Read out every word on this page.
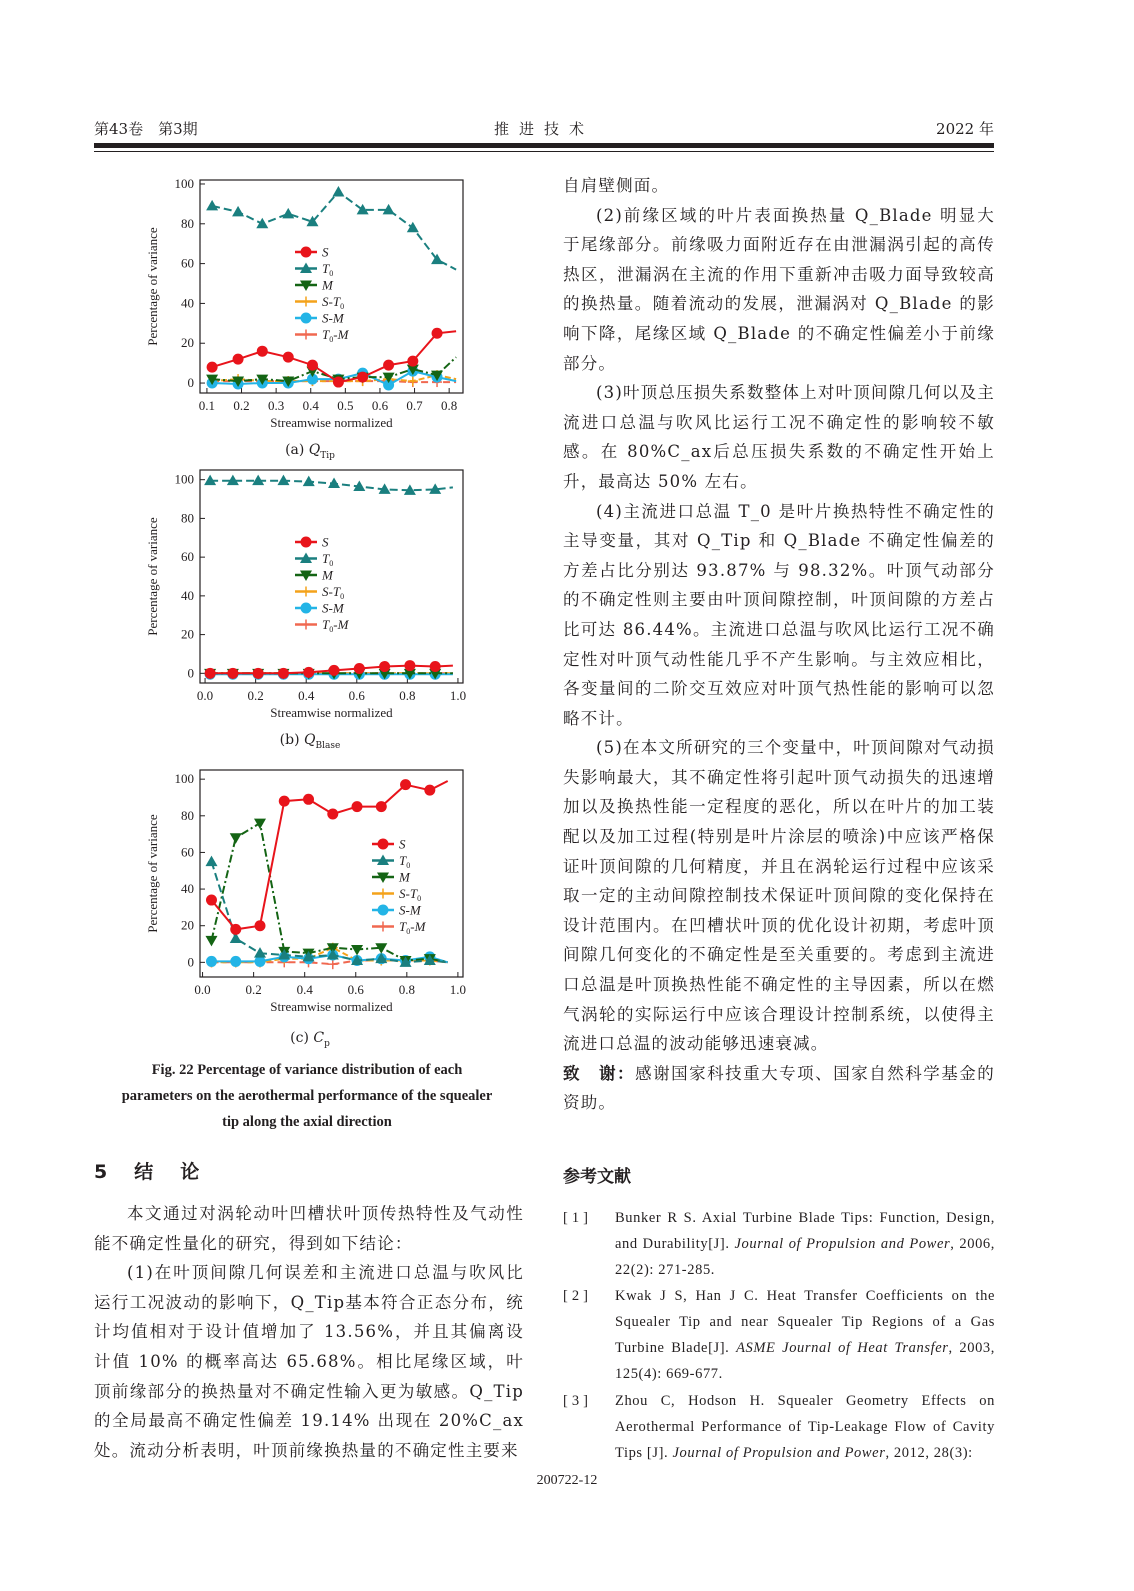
第43卷　第3期	推进技术	2022 年
0
20
40
60
80
100
0.1 0.2 0.3 0.4 0.5 0.6 0.7 0.8
Streamwise normalized
Percentage of variance	S
$T_0$
M
$S-T_0$
S-M
$T_0-M$
(a) $Q_{Tip}$
0
20
40
60
80
100
0.0	0.2	0.4	0.6	0.8	1.0
Streamwise normalized
Percentage of variance	S
$T_0$
M
$S-T_0$
S-M
$T_0-M$
(b) $Q_{Blase}$
0
20
40
60
80
100
0.0	0.2	0.4	0.6	0.8	1.0
Streamwise normalized
Percentage of variance	S
$T_0$
M
$S-T_0$
S-M
$T_0-M$
(c) $C_p$
Fig. 22 Percentage of variance distribution of each
parameters on the aerothermal performance of the squealer
tip along the axial direction
5　结　论

本文通过对涡轮动叶凹槽状叶顶传热特性及气动性能不确定性量化的研究，得到如下结论：

(1)在叶顶间隙几何误差和主流进口总温与吹风比运行工况波动的影响下，Q_Tip基本符合正态分布，统计均值相对于设计值增加了 13.56%，并且其偏离设计值 10% 的概率高达 65.68%。相比尾缘区域，叶顶前缘部分的换热量对不确定性输入更为敏感。Q_Tip的全局最高不确定性偏差 19.14% 出现在 20%C_ax处。流动分析表明，叶顶前缘换热量的不确定性主要来

自肩壁侧面。

(2)前缘区域的叶片表面换热量 Q_Blade 明显大于尾缘部分。前缘吸力面附近存在由泄漏涡引起的高传热区，泄漏涡在主流的作用下重新冲击吸力面导致较高的换热量。随着流动的发展，泄漏涡对 Q_Blade 的影响下降，尾缘区域 Q_Blade 的不确定性偏差小于前缘部分。

(3)叶顶总压损失系数整体上对叶顶间隙几何以及主流进口总温与吹风比运行工况不确定性的影响较不敏感。在 80%C_ax后总压损失系数的不确定性开始上升，最高达 50% 左右。

(4)主流进口总温 T_0 是叶片换热特性不确定性的主导变量，其对 Q_Tip 和 Q_Blade 不确定性偏差的方差占比分别达 93.87% 与 98.32%。叶顶气动部分的不确定性则主要由叶顶间隙控制，叶顶间隙的方差占比可达 86.44%。主流进口总温与吹风比运行工况不确定性对叶顶气动性能几乎不产生影响。与主效应相比，各变量间的二阶交互效应对叶顶气热性能的影响可以忽略不计。

(5)在本文所研究的三个变量中，叶顶间隙对气动损失影响最大，其不确定性将引起叶顶气动损失的迅速增加以及换热性能一定程度的恶化，所以在叶片的加工装配以及加工过程(特别是叶片涂层的喷涂)中应该严格保证叶顶间隙的几何精度，并且在涡轮运行过程中应该采取一定的主动间隙控制技术保证叶顶间隙的变化保持在设计范围内。在凹槽状叶顶的优化设计初期，考虑叶顶间隙几何变化的不确定性是至关重要的。考虑到主流进口总温是叶顶换热性能不确定性的主导因素，所以在燃气涡轮的实际运行中应该合理设计控制系统，以使得主流进口总温的波动能够迅速衰减。

致　谢：感谢国家科技重大专项、国家自然科学基金的资助。

参考文献
[1] Bunker R S. Axial Turbine Blade Tips: Function, Design, and Durability[J]. Journal of Propulsion and Power, 2006, 22(2): 271-285.
[2] Kwak J S, Han J C. Heat Transfer Coefficients on the Squealer Tip and near Squealer Tip Regions of a Gas Turbine Blade[J]. ASME Journal of Heat Transfer, 2003, 125(4): 669-677.
[3] Zhou C, Hodson H. Squealer Geometry Effects on Aerothermal Performance of Tip-Leakage Flow of Cavity Tips [J]. Journal of Propulsion and Power, 2012, 28(3):
200722-12
